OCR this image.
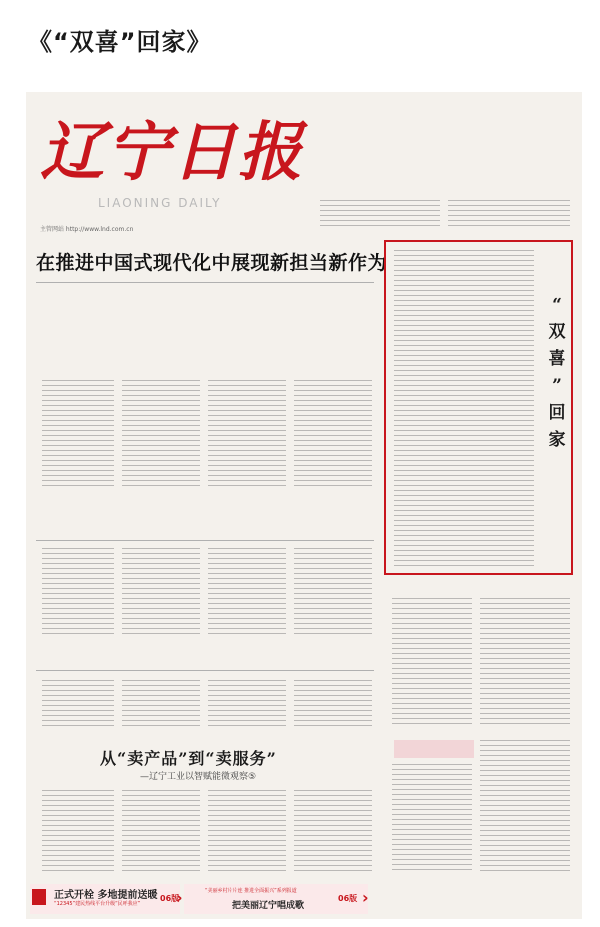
《“双喜”回家》
辽宁日报
LIAONING DAILY
主管网站 http://www.lnd.com.cn
在推进中国式现代化中展现新担当新作为
“
双
喜
”
回
家
从“卖产品”到“卖服务”
—辽宁工业以智赋能微观察⑤
正式开栓 多地提前送暖
“12345”建民热线平台升级“民呼我应”
06版
›	“美丽乡村片片连 推进全面振兴”系列报道
把美丽辽宁唱成歌
06版 ›
